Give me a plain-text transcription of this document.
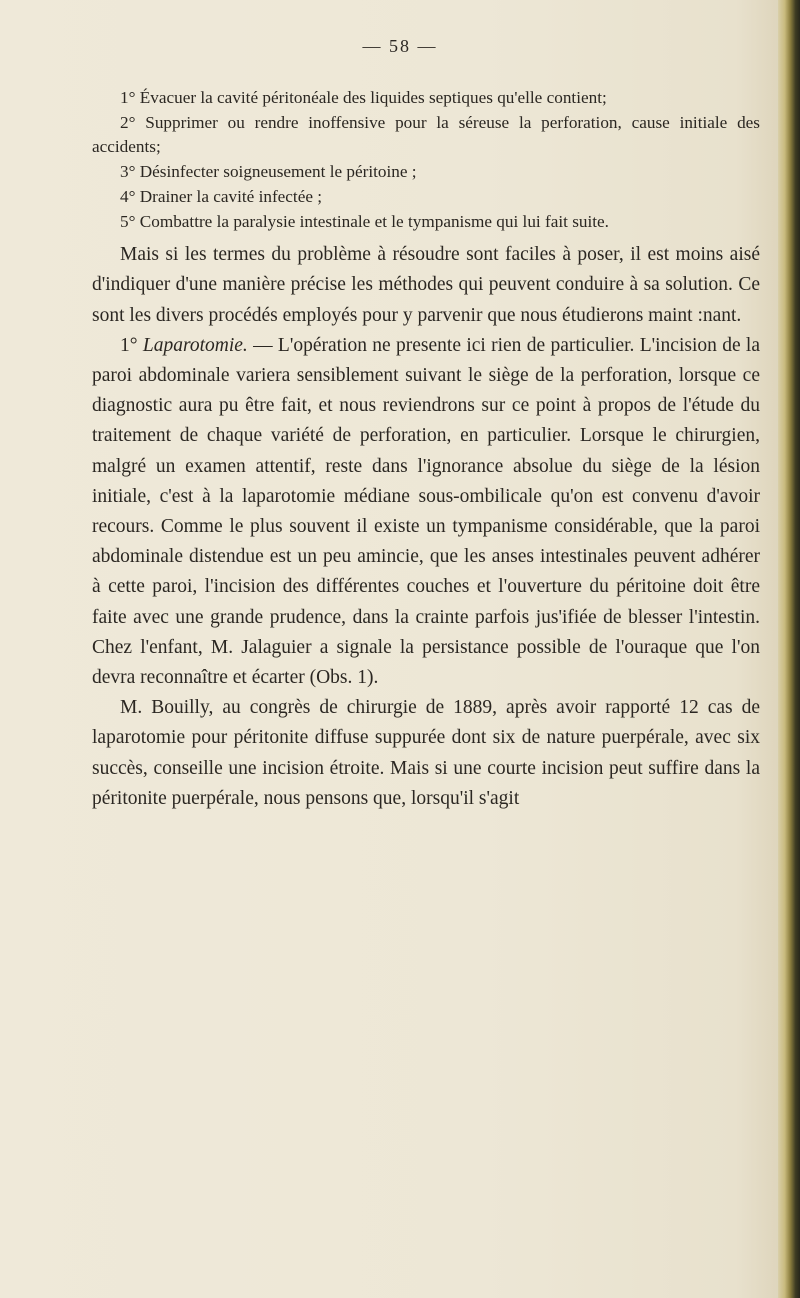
— 58 —

1° Évacuer la cavité péritonéale des liquides septiques qu'elle contient;

2° Supprimer ou rendre inoffensive pour la séreuse la perforation, cause initiale des accidents;

3° Désinfecter soigneusement le péritoine ;

4° Drainer la cavité infectée ;

5° Combattre la paralysie intestinale et le tympanisme qui lui fait suite.

Mais si les termes du problème à résoudre sont faciles à poser, il est moins aisé d'indiquer d'une manière précise les méthodes qui peuvent conduire à sa solution. Ce sont les divers procédés employés pour y parvenir que nous étudierons maint :nant.

1° Laparotomie. — L'opération ne presente ici rien de particulier. L'incision de la paroi abdominale variera sensiblement suivant le siège de la perforation, lorsque ce diagnostic aura pu être fait, et nous reviendrons sur ce point à propos de l'étude du traitement de chaque variété de perforation, en particulier. Lorsque le chirurgien, malgré un examen attentif, reste dans l'ignorance absolue du siège de la lésion initiale, c'est à la laparotomie médiane sous-ombilicale qu'on est convenu d'avoir recours. Comme le plus souvent il existe un tympanisme considérable, que la paroi abdominale distendue est un peu amincie, que les anses intestinales peuvent adhérer à cette paroi, l'incision des différentes couches et l'ouverture du péritoine doit être faite avec une grande prudence, dans la crainte parfois jus'ifiée de blesser l'intestin. Chez l'enfant, M. Jalaguier a signale la persistance possible de l'ouraque que l'on devra reconnaître et écarter (Obs. 1).

M. Bouilly, au congrès de chirurgie de 1889, après avoir rapporté 12 cas de laparotomie pour péritonite diffuse suppurée dont six de nature puerpérale, avec six succès, conseille une incision étroite. Mais si une courte incision peut suffire dans la péritonite puerpérale, nous pensons que, lorsqu'il s'agit
